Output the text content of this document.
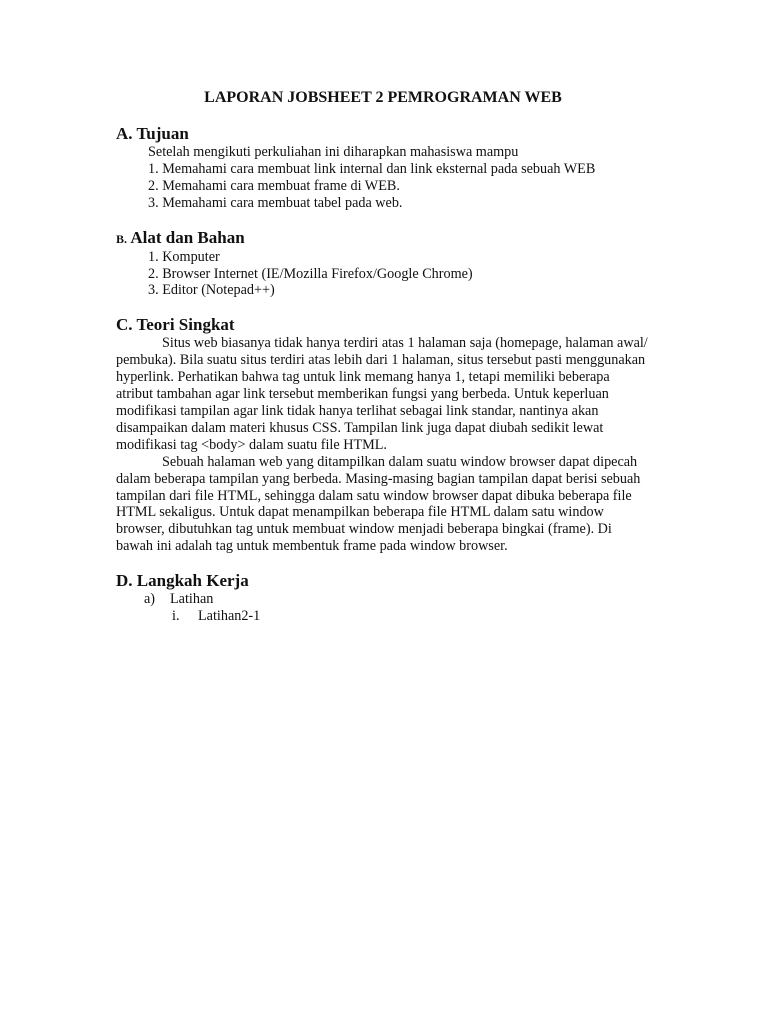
LAPORAN JOBSHEET 2 PEMROGRAMAN WEB
A. Tujuan
Setelah mengikuti perkuliahan ini diharapkan mahasiswa mampu
1. Memahami cara membuat link internal dan link eksternal pada sebuah WEB
2. Memahami cara membuat frame di WEB.
3. Memahami cara membuat tabel pada web.
B. Alat dan Bahan
1. Komputer
2. Browser Internet (IE/Mozilla Firefox/Google Chrome)
3. Editor (Notepad++)
C. Teori Singkat

Situs web biasanya tidak hanya terdiri atas 1 halaman saja (homepage, halaman awal/ pembuka). Bila suatu situs terdiri atas lebih dari 1 halaman, situs tersebut pasti menggunakan hyperlink. Perhatikan bahwa tag untuk link memang hanya 1, tetapi memiliki beberapa atribut tambahan agar link tersebut memberikan fungsi yang berbeda. Untuk keperluan modifikasi tampilan agar link tidak hanya terlihat sebagai link standar, nantinya akan disampaikan dalam materi khusus CSS. Tampilan link juga dapat diubah sedikit lewat modifikasi tag <body> dalam suatu file HTML.

Sebuah halaman web yang ditampilkan dalam suatu window browser dapat dipecah dalam beberapa tampilan yang berbeda. Masing-masing bagian tampilan dapat berisi sebuah tampilan dari file HTML, sehingga dalam satu window browser dapat dibuka beberapa file HTML sekaligus. Untuk dapat menampilkan beberapa file HTML dalam satu window browser, dibutuhkan tag untuk membuat window menjadi beberapa bingkai (frame). Di bawah ini adalah tag untuk membentuk frame pada window browser.

D. Langkah Kerja
a)	Latihan
i.	Latihan2-1
